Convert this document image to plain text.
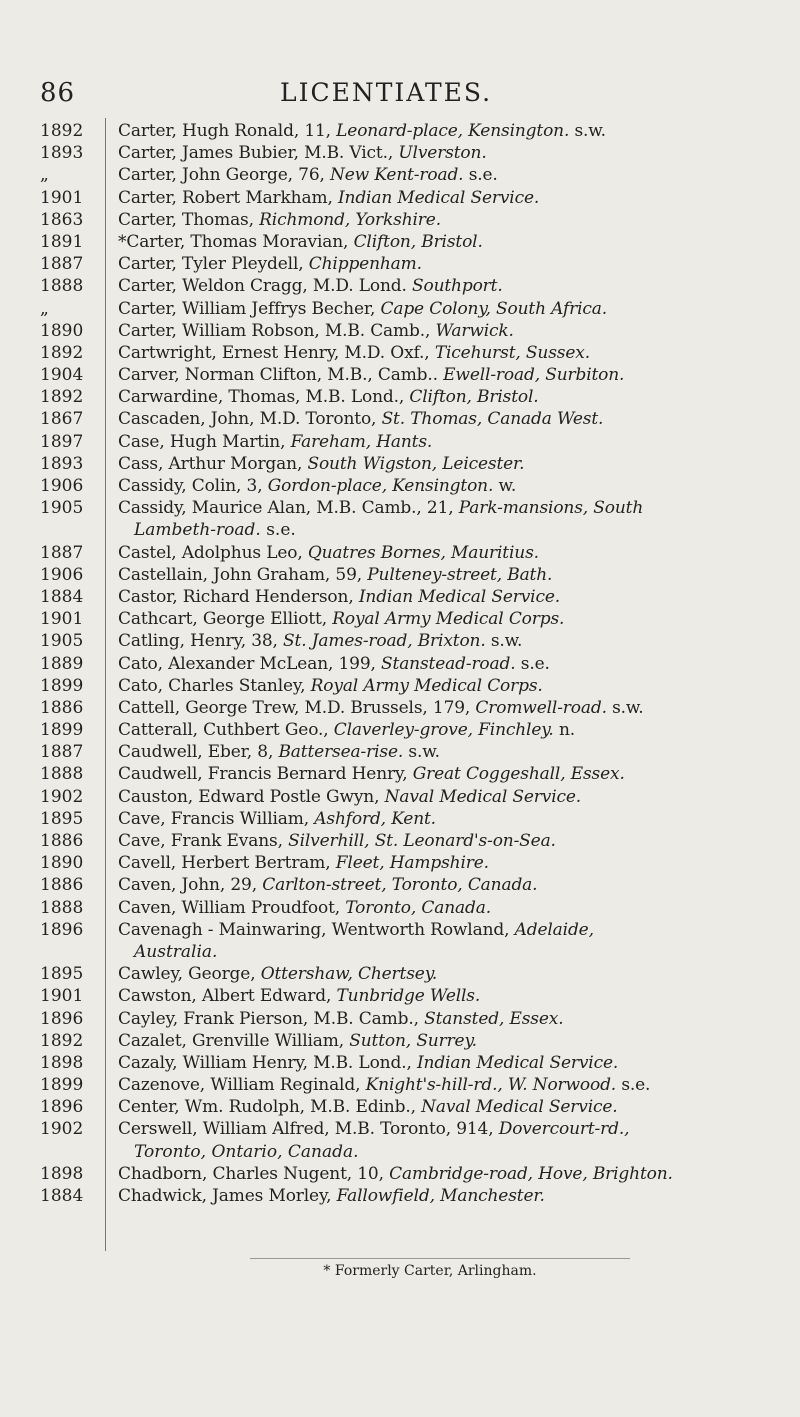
86	LICENTIATES.
1892	Carter, Hugh Ronald, 11, Leonard-place, Kensington. s.w.
1893	Carter, James Bubier, M.B. Vict., Ulverston.
„	Carter, John George, 76, New Kent-road. s.e.
1901	Carter, Robert Markham, Indian Medical Service.
1863	Carter, Thomas, Richmond, Yorkshire.
1891	*Carter, Thomas Moravian, Clifton, Bristol.
1887	Carter, Tyler Pleydell, Chippenham.
1888	Carter, Weldon Cragg, M.D. Lond. Southport.
„	Carter, William Jeffrys Becher, Cape Colony, South Africa.
1890	Carter, William Robson, M.B. Camb., Warwick.
1892	Cartwright, Ernest Henry, M.D. Oxf., Ticehurst, Sussex.
1904	Carver, Norman Clifton, M.B., Camb.. Ewell-road, Surbiton.
1892	Carwardine, Thomas, M.B. Lond., Clifton, Bristol.
1867	Cascaden, John, M.D. Toronto, St. Thomas, Canada West.
1897	Case, Hugh Martin, Fareham, Hants.
1893	Cass, Arthur Morgan, South Wigston, Leicester.
1906	Cassidy, Colin, 3, Gordon-place, Kensington. w.
1905	Cassidy, Maurice Alan, M.B. Camb., 21, Park-mansions, South
Lambeth-road. s.e.
1887	Castel, Adolphus Leo, Quatres Bornes, Mauritius.
1906	Castellain, John Graham, 59, Pulteney-street, Bath.
1884	Castor, Richard Henderson, Indian Medical Service.
1901	Cathcart, George Elliott, Royal Army Medical Corps.
1905	Catling, Henry, 38, St. James-road, Brixton. s.w.
1889	Cato, Alexander McLean, 199, Stanstead-road. s.e.
1899	Cato, Charles Stanley, Royal Army Medical Corps.
1886	Cattell, George Trew, M.D. Brussels, 179, Cromwell-road. s.w.
1899	Catterall, Cuthbert Geo., Claverley-grove, Finchley. n.
1887	Caudwell, Eber, 8, Battersea-rise. s.w.
1888	Caudwell, Francis Bernard Henry, Great Coggeshall, Essex.
1902	Causton, Edward Postle Gwyn, Naval Medical Service.
1895	Cave, Francis William, Ashford, Kent.
1886	Cave, Frank Evans, Silverhill, St. Leonard's-on-Sea.
1890	Cavell, Herbert Bertram, Fleet, Hampshire.
1886	Caven, John, 29, Carlton-street, Toronto, Canada.
1888	Caven, William Proudfoot, Toronto, Canada.
1896	Cavenagh - Mainwaring, Wentworth Rowland, Adelaide,
Australia.
1895	Cawley, George, Ottershaw, Chertsey.
1901	Cawston, Albert Edward, Tunbridge Wells.
1896	Cayley, Frank Pierson, M.B. Camb., Stansted, Essex.
1892	Cazalet, Grenville William, Sutton, Surrey.
1898	Cazaly, William Henry, M.B. Lond., Indian Medical Service.
1899	Cazenove, William Reginald, Knight's-hill-rd., W. Norwood. s.e.
1896	Center, Wm. Rudolph, M.B. Edinb., Naval Medical Service.
1902	Cerswell, William Alfred, M.B. Toronto, 914, Dovercourt-rd.,
Toronto, Ontario, Canada.
1898	Chadborn, Charles Nugent, 10, Cambridge-road, Hove, Brighton.
1884	Chadwick, James Morley, Fallowfield, Manchester.
* Formerly Carter, Arlingham.
